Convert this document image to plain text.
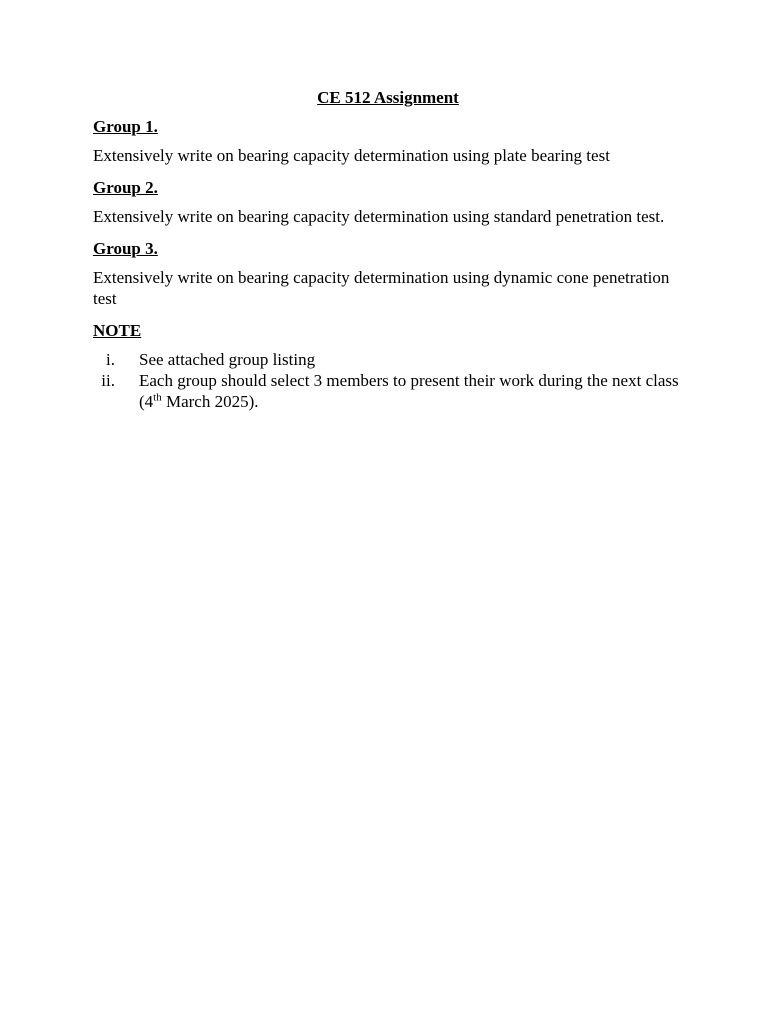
CE 512 Assignment
Group 1.
Extensively write on bearing capacity determination using plate bearing test
Group 2.
Extensively write on bearing capacity determination using standard penetration test.
Group 3.
Extensively write on bearing capacity determination using dynamic cone penetration test
NOTE
i.	See attached group listing
ii.	Each group should select 3 members to present their work during the next class (4th March 2025).
